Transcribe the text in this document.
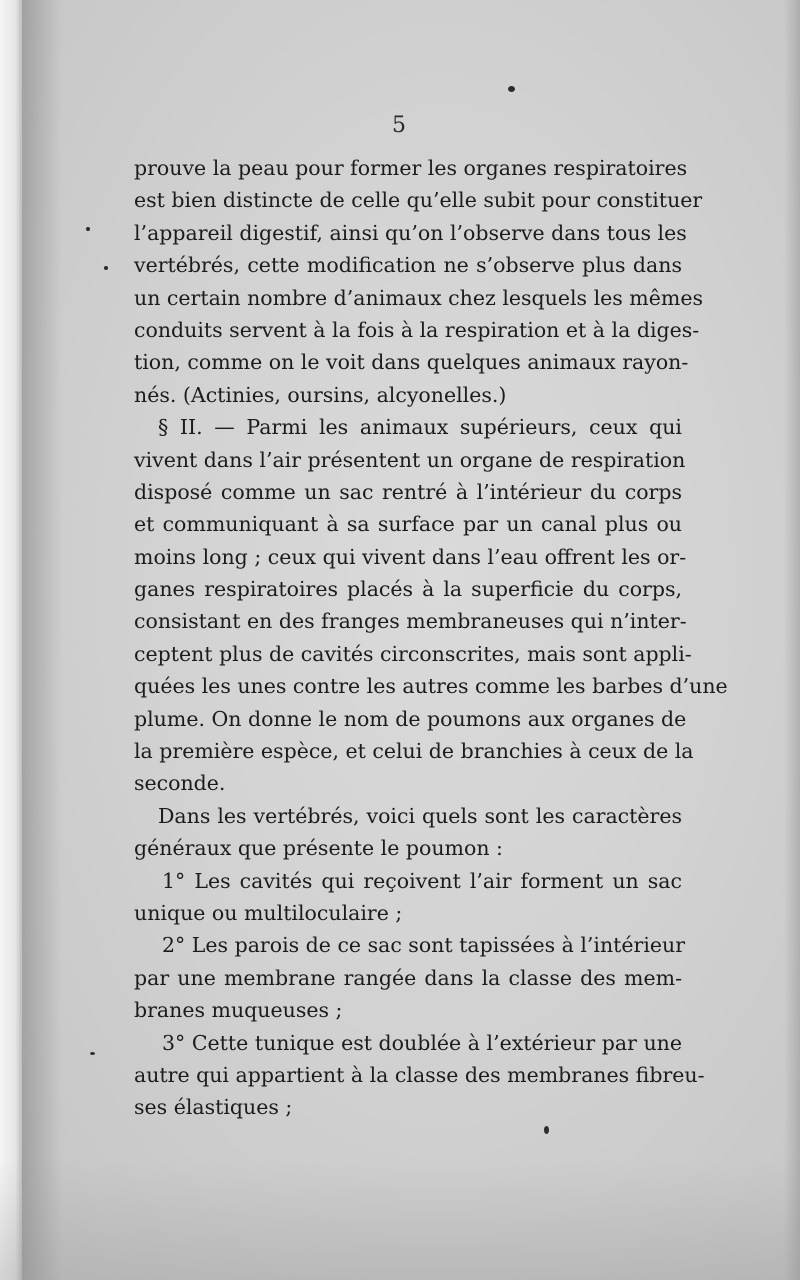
5
prouve la peau pour former les organes respiratoires
est bien distincte de celle qu’elle subit pour constituer
l’appareil digestif, ainsi qu’on l’observe dans tous les
vertébrés, cette modification ne s’observe plus dans
un certain nombre d’animaux chez lesquels les mêmes
conduits servent à la fois à la respiration et à la diges-
tion, comme on le voit dans quelques animaux rayon-
nés. (Actinies, oursins, alcyonelles.)
§ II. — Parmi les animaux supérieurs, ceux qui
vivent dans l’air présentent un organe de respiration
disposé comme un sac rentré à l’intérieur du corps
et communiquant à sa surface par un canal plus ou
moins long ; ceux qui vivent dans l’eau offrent les or-
ganes respiratoires placés à la superficie du corps,
consistant en des franges membraneuses qui n’inter-
ceptent plus de cavités circonscrites, mais sont appli-
quées les unes contre les autres comme les barbes d’une
plume. On donne le nom de poumons aux organes de
la première espèce, et celui de branchies à ceux de la
seconde.
Dans les vertébrés, voici quels sont les caractères
généraux que présente le poumon :
1° Les cavités qui reçoivent l’air forment un sac
unique ou multiloculaire ;
2° Les parois de ce sac sont tapissées à l’intérieur
par une membrane rangée dans la classe des mem-
branes muqueuses ;
3° Cette tunique est doublée à l’extérieur par une
autre qui appartient à la classe des membranes fibreu-
ses élastiques ;
